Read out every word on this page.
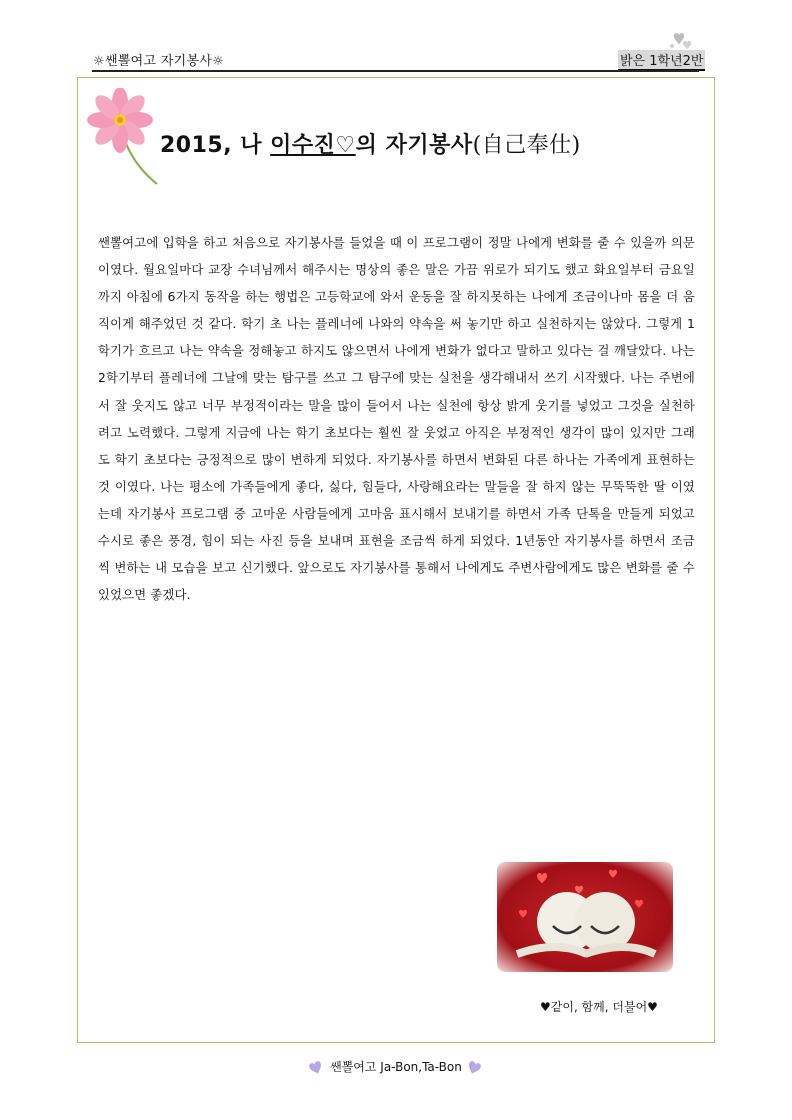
☼쌘뽈여고 자기봉사☼	밝은 1학년2반
2015, 나 이수진♡의 자기봉사(自己奉仕)
쌘뽈여고에 입학을 하고 처음으로 자기봉사를 들었을 때 이 프로그램이 정말 나에게 변화를 줄 수 있을까 의문이였다. 월요일마다 교장 수녀님께서 해주시는 명상의 좋은 말은 가끔 위로가 되기도 했고 화요일부터 금요일까지 아침에 6가지 동작을 하는 행법은 고등학교에 와서 운동을 잘 하지못하는 나에게 조금이나마 몸을 더 움직이게 해주었던 것 같다. 학기 초 나는 플레너에 나와의 약속을 써 놓기만 하고 실천하지는 않았다. 그렇게 1학기가 흐르고 나는 약속을 정해놓고 하지도 않으면서 나에게 변화가 없다고 말하고 있다는 걸 깨달았다. 나는 2학기부터 플레너에 그날에 맞는 탐구를 쓰고 그 탐구에 맞는 실천을 생각해내서 쓰기 시작했다. 나는 주변에서 잘 웃지도 않고 너무 부정적이라는 말을 많이 들어서 나는 실천에 항상 밝게 웃기를 넣었고 그것을 실천하려고 노력했다. 그렇게 지금에 나는 학기 초보다는 훨씬 잘 웃었고 아직은 부정적인 생각이 많이 있지만 그래도 학기 초보다는 긍정적으로 많이 변하게 되었다. 자기봉사를 하면서 변화된 다른 하나는 가족에게 표현하는 것 이였다. 나는 평소에 가족들에게 좋다, 싫다, 힘들다, 사랑해요라는 말들을 잘 하지 않는 무뚝뚝한 딸 이였는데 자기봉사 프로그램 중 고마운 사람들에게 고마움 표시해서 보내기를 하면서 가족 단톡을 만들게 되었고 수시로 좋은 풍경, 힘이 되는 사진 등을 보내며 표현을 조금씩 하게 되었다. 1년동안 자기봉사를 하면서 조금씩 변하는 내 모습을 보고 신기했다. 앞으로도 자기봉사를 통해서 나에게도 주변사람에게도 많은 변화를 줄 수 있었으면 좋겠다.
♥같이, 함께, 더불어♥
쌘뽈여고 Ja-Bon,Ta-Bon
